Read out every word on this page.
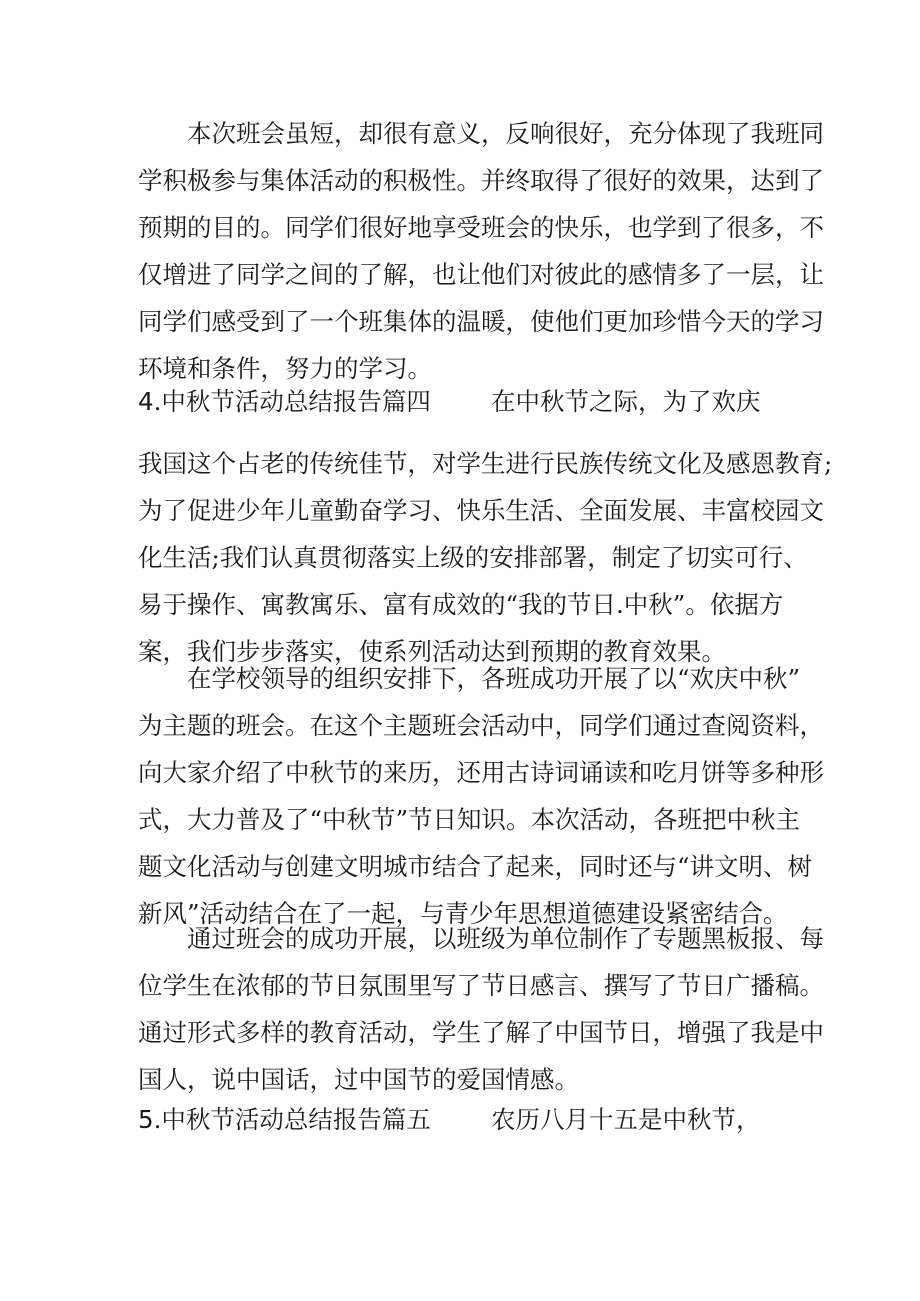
本次班会虽短，却很有意义，反响很好，充分体现了我班同
学积极参与集体活动的积极性。并终取得了很好的效果，达到了
预期的目的。同学们很好地享受班会的快乐，也学到了很多，不
仅增进了同学之间的了解，也让他们对彼此的感情多了一层，让
同学们感受到了一个班集体的温暖，使他们更加珍惜今天的学习
环境和条件，努力的学习。
4.中秋节活动总结报告篇四 在中秋节之际，为了欢庆
我国这个占老的传统佳节，对学生进行民族传统文化及感恩教育;
为了促进少年儿童勤奋学习、快乐生活、全面发展、丰富校园文
化生活;我们认真贯彻落实上级的安排部署，制定了切实可行、
易于操作、寓教寓乐、富有成效的“我的节日.中秋”。依据方
案，我们步步落实，使系列活动达到预期的教育效果。
在学校领导的组织安排下，各班成功开展了以“欢庆中秋”
为主题的班会。在这个主题班会活动中，同学们通过查阅资料，
向大家介绍了中秋节的来历，还用古诗词诵读和吃月饼等多种形
式，大力普及了“中秋节”节日知识。本次活动，各班把中秋主
题文化活动与创建文明城市结合了起来，同时还与“讲文明、树
新风”活动结合在了一起，与青少年思想道德建设紧密结合。
通过班会的成功开展，以班级为单位制作了专题黑板报、每
位学生在浓郁的节日氛围里写了节日感言、撰写了节日广播稿。
通过形式多样的教育活动，学生了解了中国节日，增强了我是中
国人，说中国话，过中国节的爱国情感。
5.中秋节活动总结报告篇五 农历八月十五是中秋节，
